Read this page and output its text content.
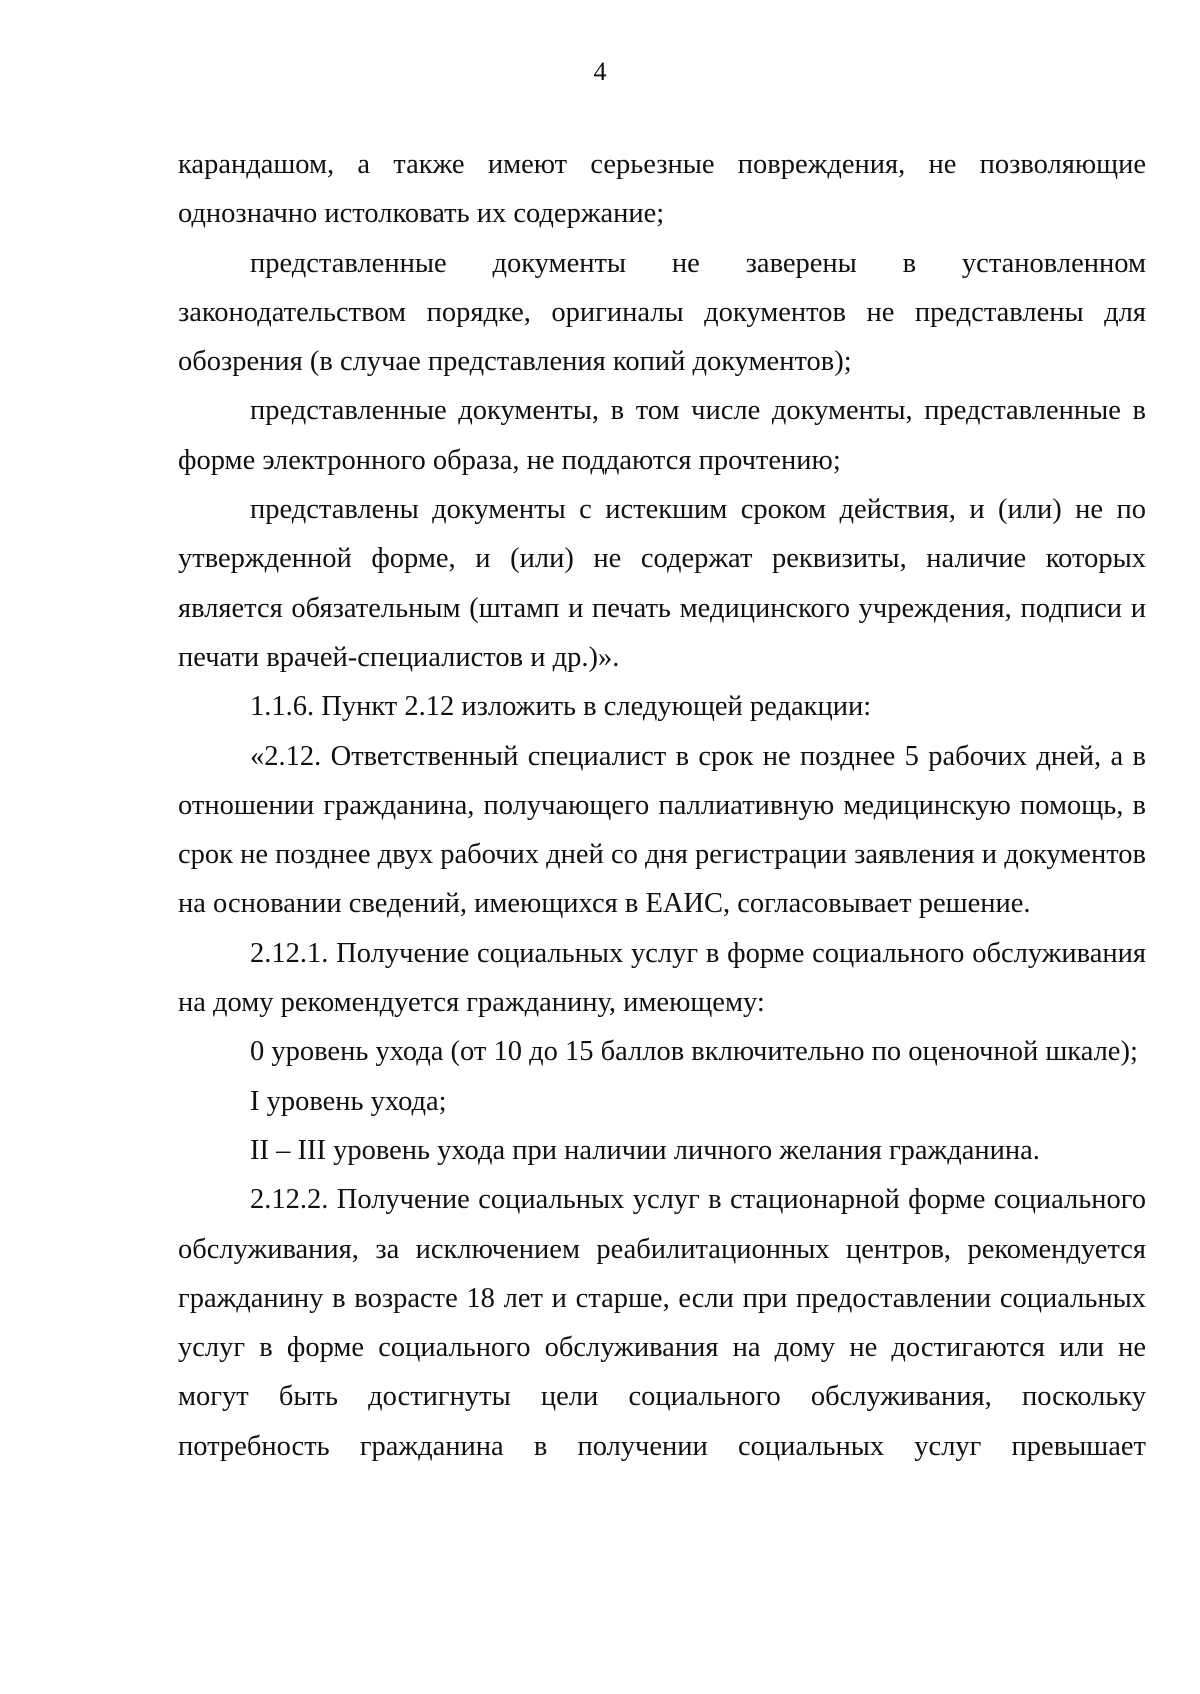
4

карандашом, а также имеют серьезные повреждения, не позволяющие однозначно истолковать их содержание;

представленные документы не заверены в установленном законодательством порядке, оригиналы документов не представлены для обозрения (в случае представления копий документов);

представленные документы, в том числе документы, представленные в форме электронного образа, не поддаются прочтению;

представлены документы с истекшим сроком действия, и (или) не по утвержденной форме, и (или) не содержат реквизиты, наличие которых является обязательным (штамп и печать медицинского учреждения, подписи и печати врачей-специалистов и др.)».

1.1.6. Пункт 2.12 изложить в следующей редакции:

«2.12. Ответственный специалист в срок не позднее 5 рабочих дней, а в отношении гражданина, получающего паллиативную медицинскую помощь, в срок не позднее двух рабочих дней со дня регистрации заявления и документов на основании сведений, имеющихся в ЕАИС, согласовывает решение.

2.12.1. Получение социальных услуг в форме социального обслуживания на дому рекомендуется гражданину, имеющему:

0 уровень ухода (от 10 до 15 баллов включительно по оценочной шкале);

I уровень ухода;

II – III уровень ухода при наличии личного желания гражданина.

2.12.2. Получение социальных услуг в стационарной форме социального обслуживания, за исключением реабилитационных центров, рекомендуется гражданину в возрасте 18 лет и старше, если при предоставлении социальных услуг в форме социального обслуживания на дому не достигаются или не могут быть достигнуты цели социального обслуживания, поскольку потребность гражданина в получении социальных услуг превышает
